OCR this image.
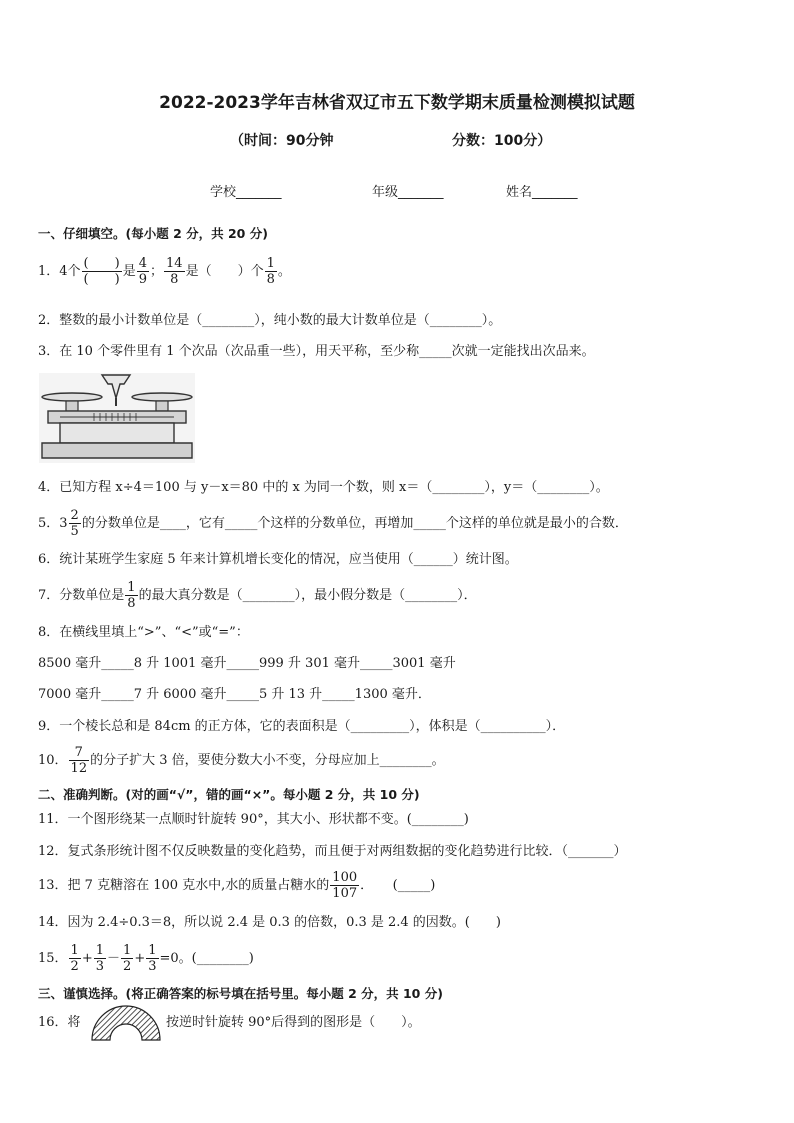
2022-2023学年吉林省双辽市五下数学期末质量检测模拟试题
（时间：90分钟	分数：100分）
学校_______	年级_______	姓名_______
一、仔细填空。(每小题 2 分，共 20 分)
1．4个 $\frac{( )}{( )}$ 是 $\frac{4}{9}$ ； $\frac{14}{8}$ 是（　　）个 $\frac{1}{8}$ 。
2．整数的最小计数单位是（________），纯小数的最大计数单位是（________）。
3．在 10 个零件里有 1 个次品（次品重一些），用天平称，至少称_____次就一定能找出次品来。
4．已知方程 x÷4＝100 与 y－x＝80 中的 x 为同一个数，则 x＝（________），y＝（________）。
5．$3 \frac{2}{5}$ 的分数单位是____，它有_____个这样的分数单位，再增加_____个这样的单位就是最小的合数．
6．统计某班学生家庭 5 年来计算机增长变化的情况，应当使用（______）统计图。
7．分数单位是 $\frac{1}{8}$ 的最大真分数是（________），最小假分数是（________）．
8．在横线里填上“>”、“<”或“=”：
8500 毫升_____8 升 1001 毫升_____999 升 301 毫升_____3001 毫升
7000 毫升_____7 升 6000 毫升_____5 升 13 升_____1300 毫升．
9．一个棱长总和是 84cm 的正方体，它的表面积是（_________），体积是（__________）．
10． $\frac{7}{12}$ 的分子扩大 3 倍，要使分数大小不变，分母应加上________。
二、准确判断。(对的画“√”，错的画“×”。每小题 2 分，共 10 分)
11．一个图形绕某一点顺时针旋转 90°，其大小、形状都不变。(________)
12．复式条形统计图不仅反映数量的变化趋势，而且便于对两组数据的变化趋势进行比较．（_______）
13．把 7 克糖溶在 100 克水中,水的质量占糖水的 $\frac{100}{107}$ ．　　(_____)
14．因为 2.4÷0.3＝8，所以说 2.4 是 0.3 的倍数，0.3 是 2.4 的因数。(　　)
15． $\frac{1}{2} + \frac{1}{3} - \frac{1}{2} + \frac{1}{3} =0$。(________)
三、谨慎选择。(将正确答案的标号填在括号里。每小题 2 分，共 10 分)
16．将	按逆时针旋转 90°后得到的图形是（　　）。
